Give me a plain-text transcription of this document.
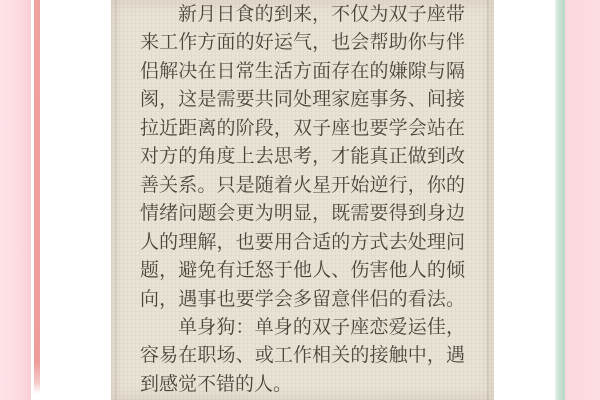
新月日食的到来，不仅为双子座带
来工作方面的好运气，也会帮助你与伴
侣解决在日常生活方面存在的嫌隙与隔
阂，这是需要共同处理家庭事务、间接
拉近距离的阶段，双子座也要学会站在
对方的角度上去思考，才能真正做到改
善关系。只是随着火星开始逆行，你的
情绪问题会更为明显，既需要得到身边
人的理解，也要用合适的方式去处理问
题，避免有迁怒于他人、伤害他人的倾
向，遇事也要学会多留意伴侣的看法。
单身狗：单身的双子座恋爱运佳，
容易在职场、或工作相关的接触中，遇
到感觉不错的人。
